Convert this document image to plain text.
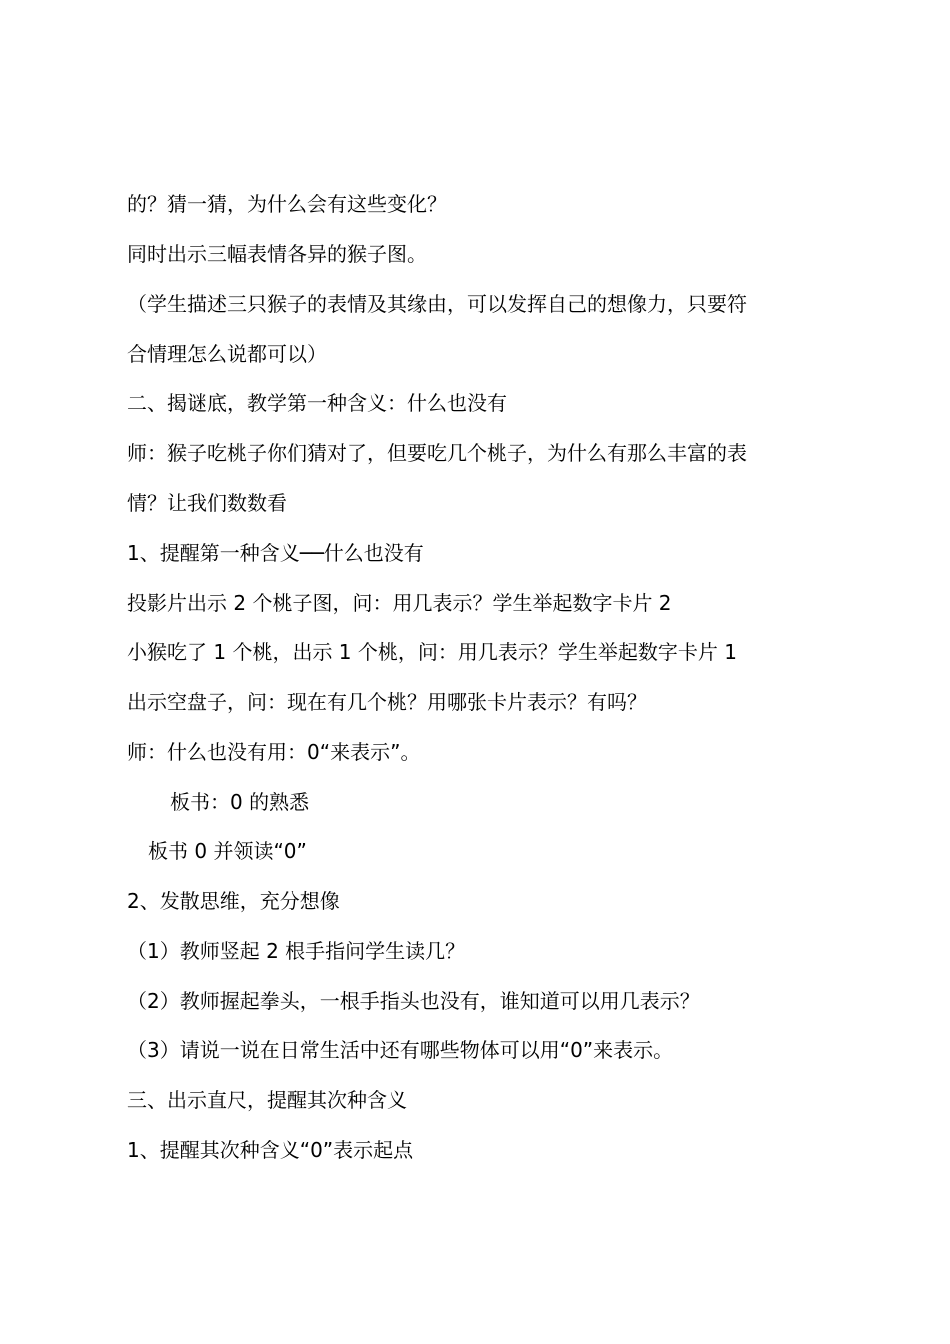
的？猜一猜，为什么会有这些变化？

同时出示三幅表情各异的猴子图。

（学生描述三只猴子的表情及其缘由，可以发挥自己的想像力，只要符

合情理怎么说都可以）

二、揭谜底，教学第一种含义：什么也没有

师：猴子吃桃子你们猜对了，但要吃几个桃子，为什么有那么丰富的表

情？让我们数数看

1、提醒第一种含义──什么也没有

投影片出示 2 个桃子图，问：用几表示？学生举起数字卡片 2

小猴吃了 1 个桃，出示 1 个桃，问：用几表示？学生举起数字卡片 1

出示空盘子，问：现在有几个桃？用哪张卡片表示？有吗？

师：什么也没有用：0“来表示”。

板书：0 的熟悉

板书 0 并领读“0”

2、发散思维，充分想像

（1）教师竖起 2 根手指问学生读几？

（2）教师握起拳头，一根手指头也没有，谁知道可以用几表示？

（3）请说一说在日常生活中还有哪些物体可以用“0”来表示。

三、出示直尺，提醒其次种含义

1、提醒其次种含义“0”表示起点
